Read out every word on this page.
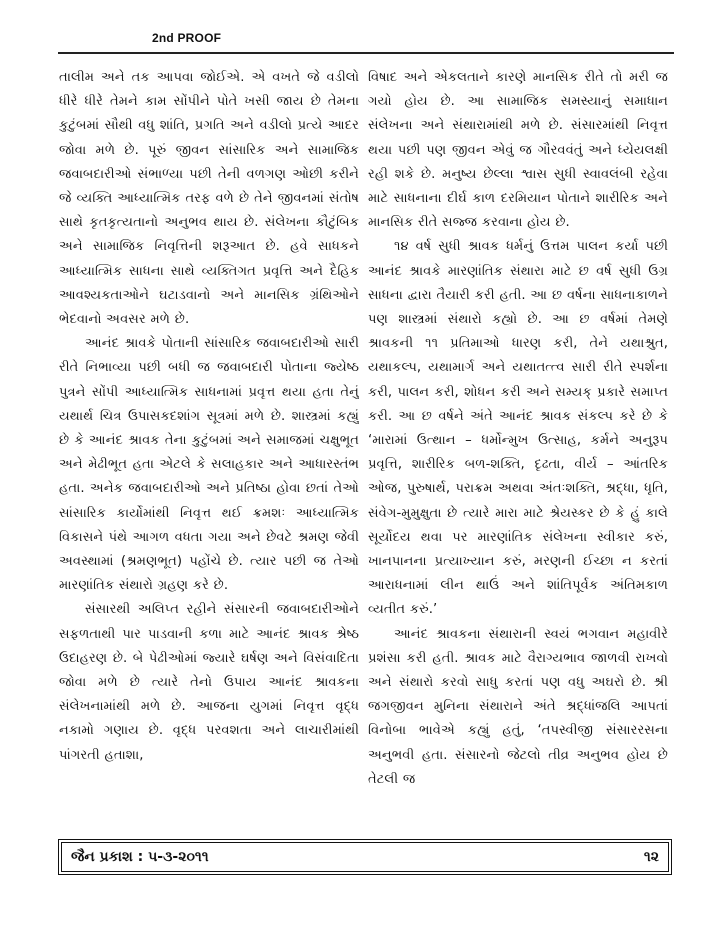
2nd PROOF

તાલીમ અને તક આપવા જોઈએ. એ વખતે જે વડીલો ધીરે ધીરે તેમને કામ સોંપીને પોતે ખસી જાય છે તેમના કુટુંબમાં સૌથી વધુ શાંતિ, પ્રગતિ અને વડીલો પ્રત્યે આદર જોવા મળે છે. પૂરું જીવન સાંસારિક અને સામાજિક જવાબદારીઓ સંભાળ્યા પછી તેની વળગણ ઓછી કરીને જે વ્યક્તિ આધ્યાત્મિક તરફ વળે છે તેને જીવનમાં સંતોષ સાથે કૃતકૃત્યતાનો અનુભવ થાય છે. સંલેખના કૌટુંબિક અને સામાજિક નિવૃત્તિની શરૂઆત છે. હવે સાધકને આધ્યાત્મિક સાધના સાથે વ્યક્તિગત પ્રવૃત્તિ અને દૈહિક આવશ્યકતાઓને ઘટાડવાનો અને માનસિક ગ્રંથિઓને ભેદવાનો અવસર મળે છે.

આનંદ શ્રાવકે પોતાની સાંસારિક જવાબદારીઓ સારી રીતે નિભાવ્યા પછી બધી જ જવાબદારી પોતાના જ્યેષ્ઠ પુત્રને સોંપી આધ્યાત્મિક સાધનામાં પ્રવૃત્ત થયા હતા તેનું યથાર્થ ચિત્ર ઉપાસકદશાંગ સૂત્રમાં મળે છે. શાસ્ત્રમાં કહ્યું છે કે આનંદ શ્રાવક તેના કુટુંબમાં અને સમાજમાં ચક્ષુભૂત અને મેઢીભૂત હતા એટલે કે સલાહકાર અને આધારસ્તંભ હતા. અનેક જવાબદારીઓ અને પ્રતિષ્ઠા હોવા છતાં તેઓ સાંસારિક કાર્યોમાંથી નિવૃત્ત થઈ ક્રમશઃ આધ્યાત્મિક વિકાસને પંથે આગળ વધતા ગયા અને છેવટે શ્રમણ જેવી અવસ્થામાં (શ્રમણભૂત) પહોંચે છે. ત્યાર પછી જ તેઓ મારણાંતિક સંથારો ગ્રહણ કરે છે.

સંસારથી અલિપ્ત રહીને સંસારની જવાબદારીઓને સફળતાથી પાર પાડવાની કળા માટે આનંદ શ્રાવક શ્રેષ્ઠ ઉદાહરણ છે. બે પેઢીઓમાં જ્યારે ઘર્ષણ અને વિસંવાદિતા જોવા મળે છે ત્યારે તેનો ઉપાય આનંદ શ્રાવકના સંલેખનામાંથી મળે છે. આજના યુગમાં નિવૃત્ત વૃદ્ધ નકામો ગણાય છે. વૃદ્ધ પરવશતા અને લાચારીમાંથી પાંગરતી હતાશા,

વિષાદ અને એકલતાને કારણે માનસિક રીતે તો મરી જ ગયો હોય છે. આ સામાજિક સમસ્યાનું સમાધાન સંલેખના અને સંથારામાંથી મળે છે. સંસારમાંથી નિવૃત્ત થયા પછી પણ જીવન એવું જ ગૌરવવંતું અને ધ્યેયલક્ષી રહી શકે છે. મનુષ્ય છેલ્લા શ્વાસ સુધી સ્વાવલંબી રહેવા માટે સાધનાના દીર્ઘ કાળ દરમિયાન પોતાને શારીરિક અને માનસિક રીતે સજ્જ કરવાના હોય છે.

૧૪ વર્ષ સુધી શ્રાવક ધર્મનું ઉત્તમ પાલન કર્યા પછી આનંદ શ્રાવકે મારણાંતિક સંથારા માટે છ વર્ષ સુધી ઉગ્ર સાધના દ્વારા તૈયારી કરી હતી. આ છ વર્ષના સાધનાકાળને પણ શાસ્ત્રમાં સંથારો કહ્યો છે. આ છ વર્ષમાં તેમણે શ્રાવકની ૧૧ પ્રતિમાઓ ધારણ કરી, તેને યથાશ્રુત, યથાકલ્પ, યથામાર્ગ અને યથાતત્ત્વ સારી રીતે સ્પર્શના કરી, પાલન કરી, શોધન કરી અને સમ્યક્ પ્રકારે સમાપ્ત કરી. આ છ વર્ષને અંતે આનંદ શ્રાવક સંકલ્પ કરે છે કે ‘મારામાં ઉત્થાન – ધર્મોન્મુખ ઉત્સાહ, કર્મને અનુરૂપ પ્રવૃત્તિ, શારીરિક બળ-શક્તિ, દૃઢતા, વીર્ય – આંતરિક ઓજ, પુરુષાર્થ, પરાક્રમ અથવા અંતઃશક્તિ, શ્રદ્ધા, ધૃતિ, સંવેગ-મુમુક્ષુતા છે ત્યારે મારા માટે શ્રેયસ્કર છે કે હું કાલે સૂર્યોદય થવા પર મારણાંતિક સંલેખના સ્વીકાર કરું, ખાનપાનના પ્રત્યાખ્યાન કરું, મરણની ઈચ્છા ન કરતાં આરાધનામાં લીન થાઉં અને શાંતિપૂર્વક અંતિમકાળ વ્યતીત કરું.’

આનંદ શ્રાવકના સંથારાની સ્વયં ભગવાન મહાવીરે પ્રશંસા કરી હતી. શ્રાવક માટે વૈરાગ્યભાવ જાળવી રાખવો અને સંથારો કરવો સાધુ કરતાં પણ વધુ અઘરો છે. શ્રી જગજીવન મુનિના સંથારાને અંતે શ્રદ્ધાંજલિ આપતાં વિનોબા ભાવેએ કહ્યું હતું, ‘તપસ્વીજી સંસારરસના અનુભવી હતા. સંસારનો જેટલો તીવ્ર અનુભવ હોય છે તેટલી જ

જૈન પ્રકાશ : ૫-૩-૨૦૧૧	૧૨
